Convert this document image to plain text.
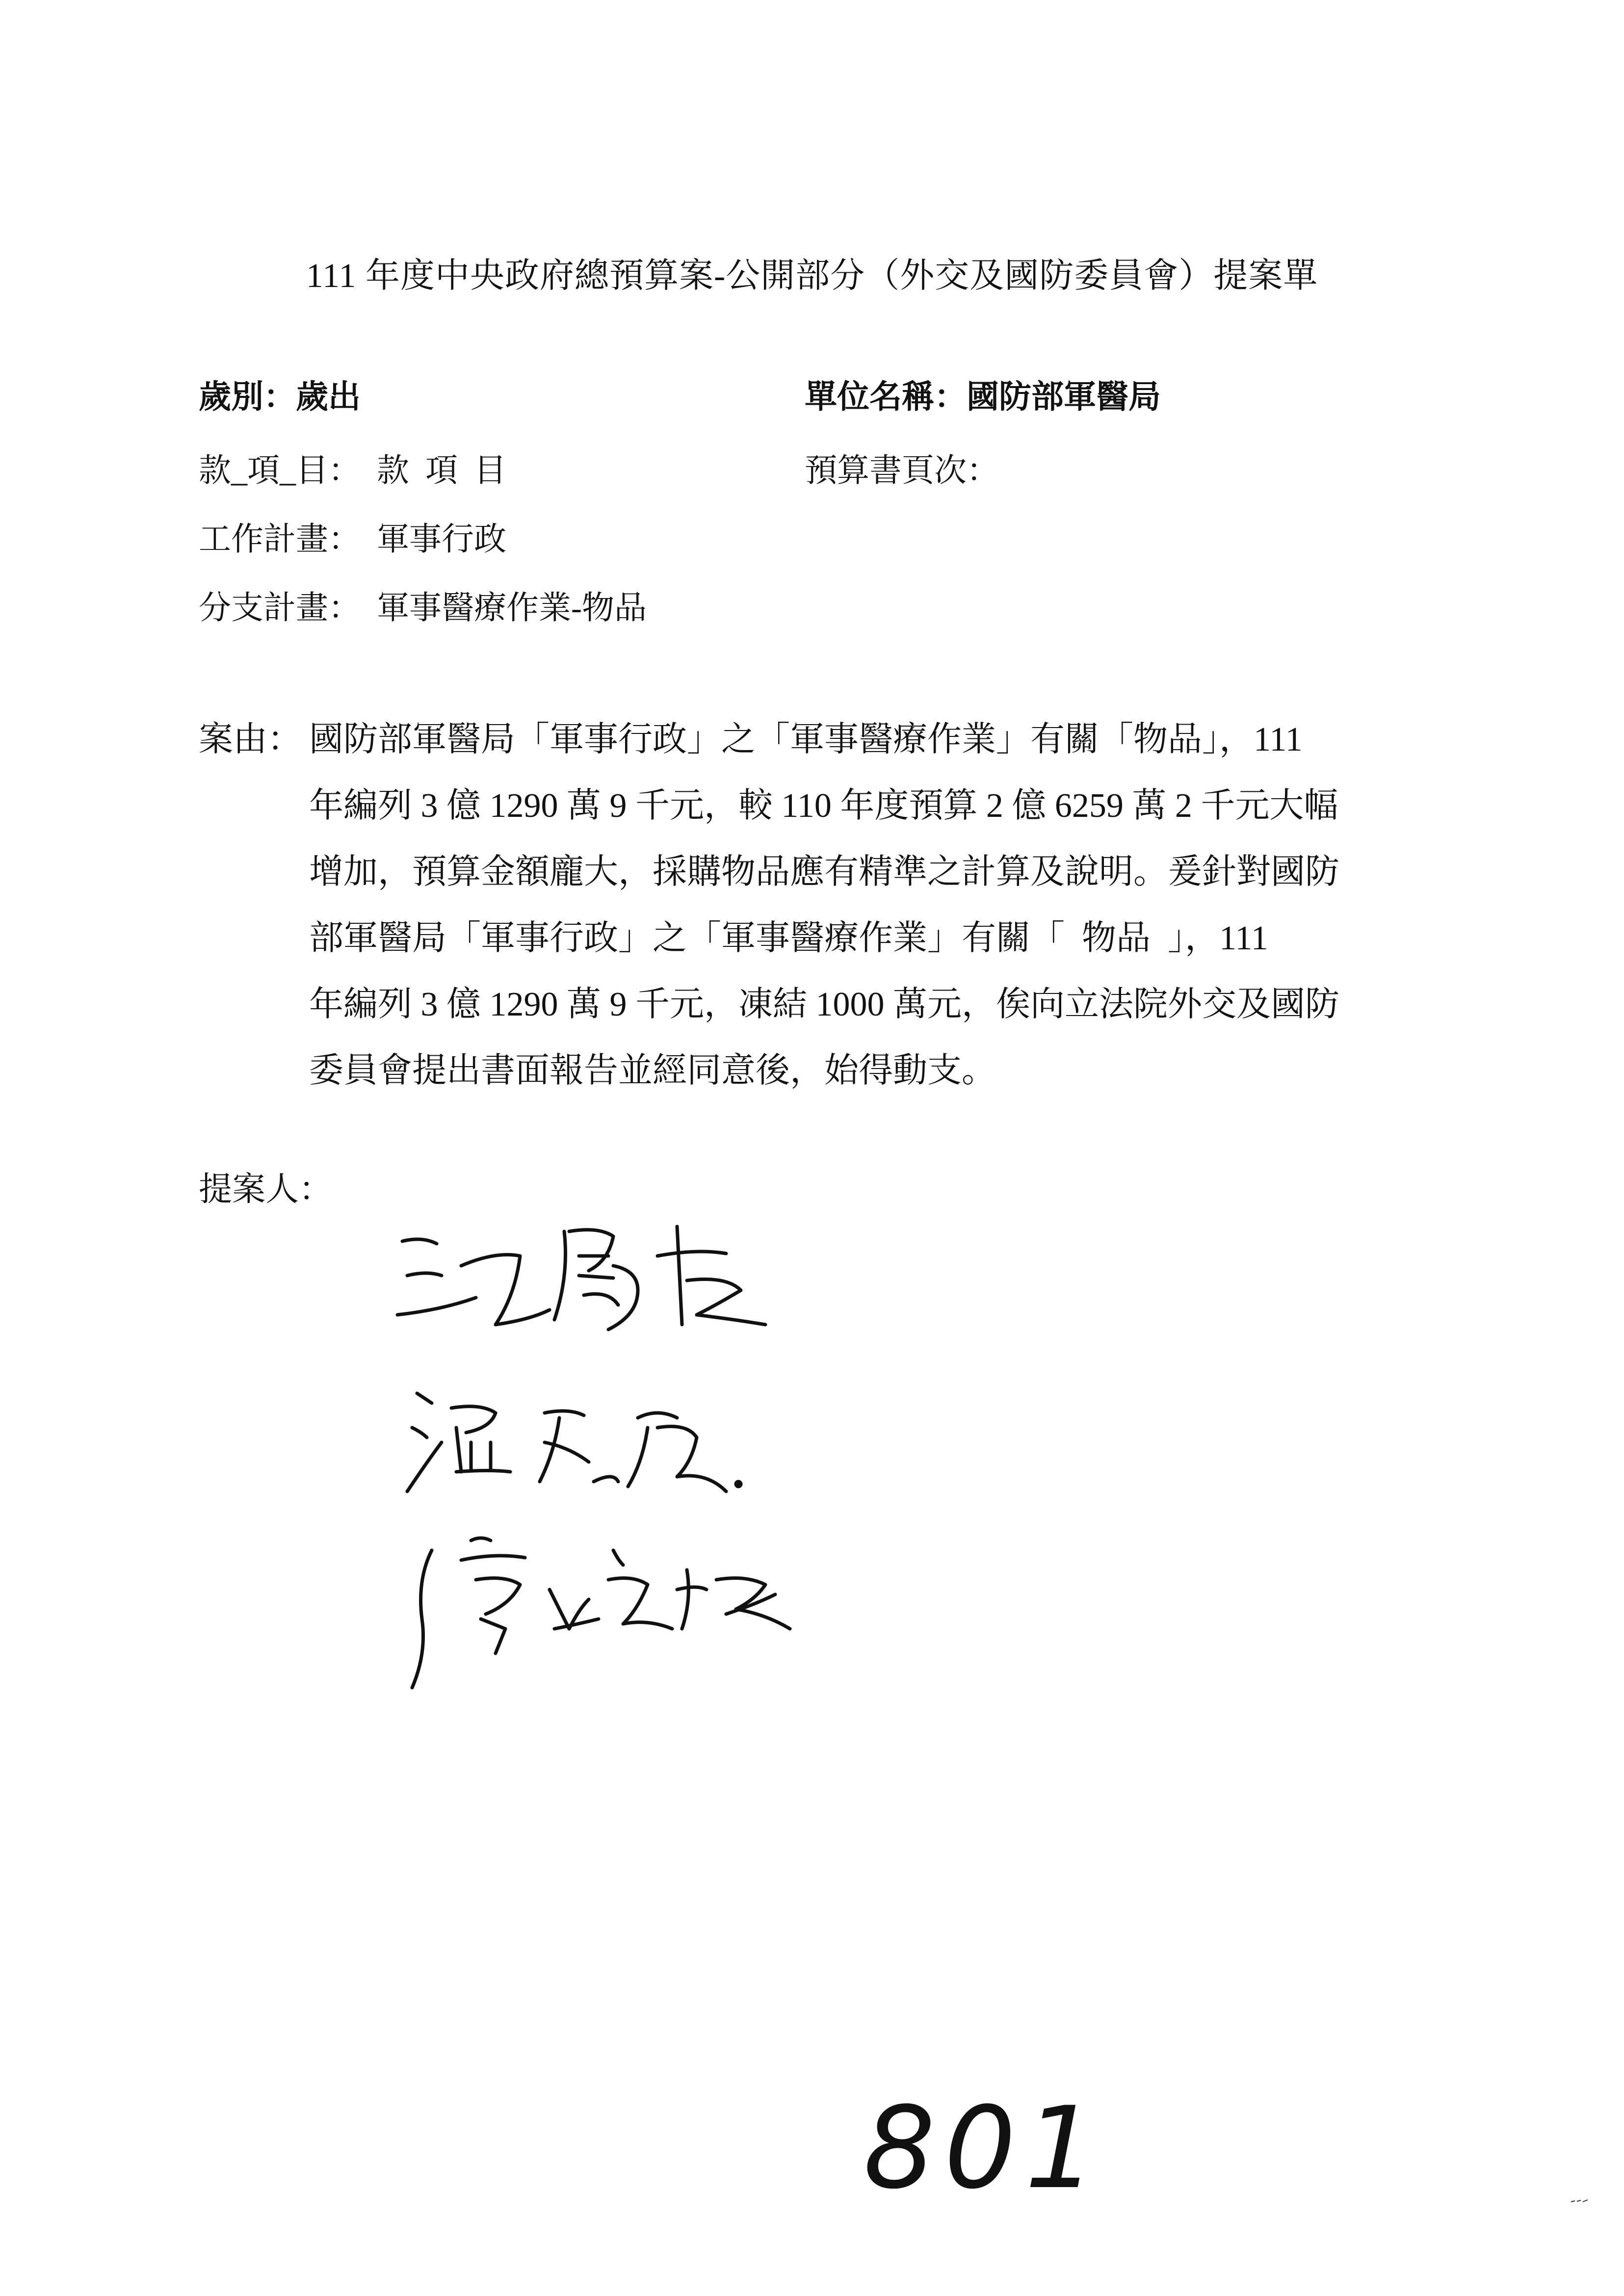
111 年度中央政府總預算案-公開部分（外交及國防委員會）提案單
歲別：歲出	單位名稱：國防部軍醫局
款_項_目：  款  項  目	預算書頁次：
工作計畫：  軍事行政
分支計畫：  軍事醫療作業-物品
案由： 國防部軍醫局「軍事行政」之「軍事醫療作業」有關「物品」，111
年編列 3 億 1290 萬 9 千元，較 110 年度預算 2 億 6259 萬 2 千元大幅
增加，預算金額龐大，採購物品應有精準之計算及說明。爰針對國防
部軍醫局「軍事行政」之「軍事醫療作業」有關「  物品  」，111
年編列 3 億 1290 萬 9 千元，凍結 1000 萬元，俟向立法院外交及國防
委員會提出書面報告並經同意後，始得動支。
提案人：
801
